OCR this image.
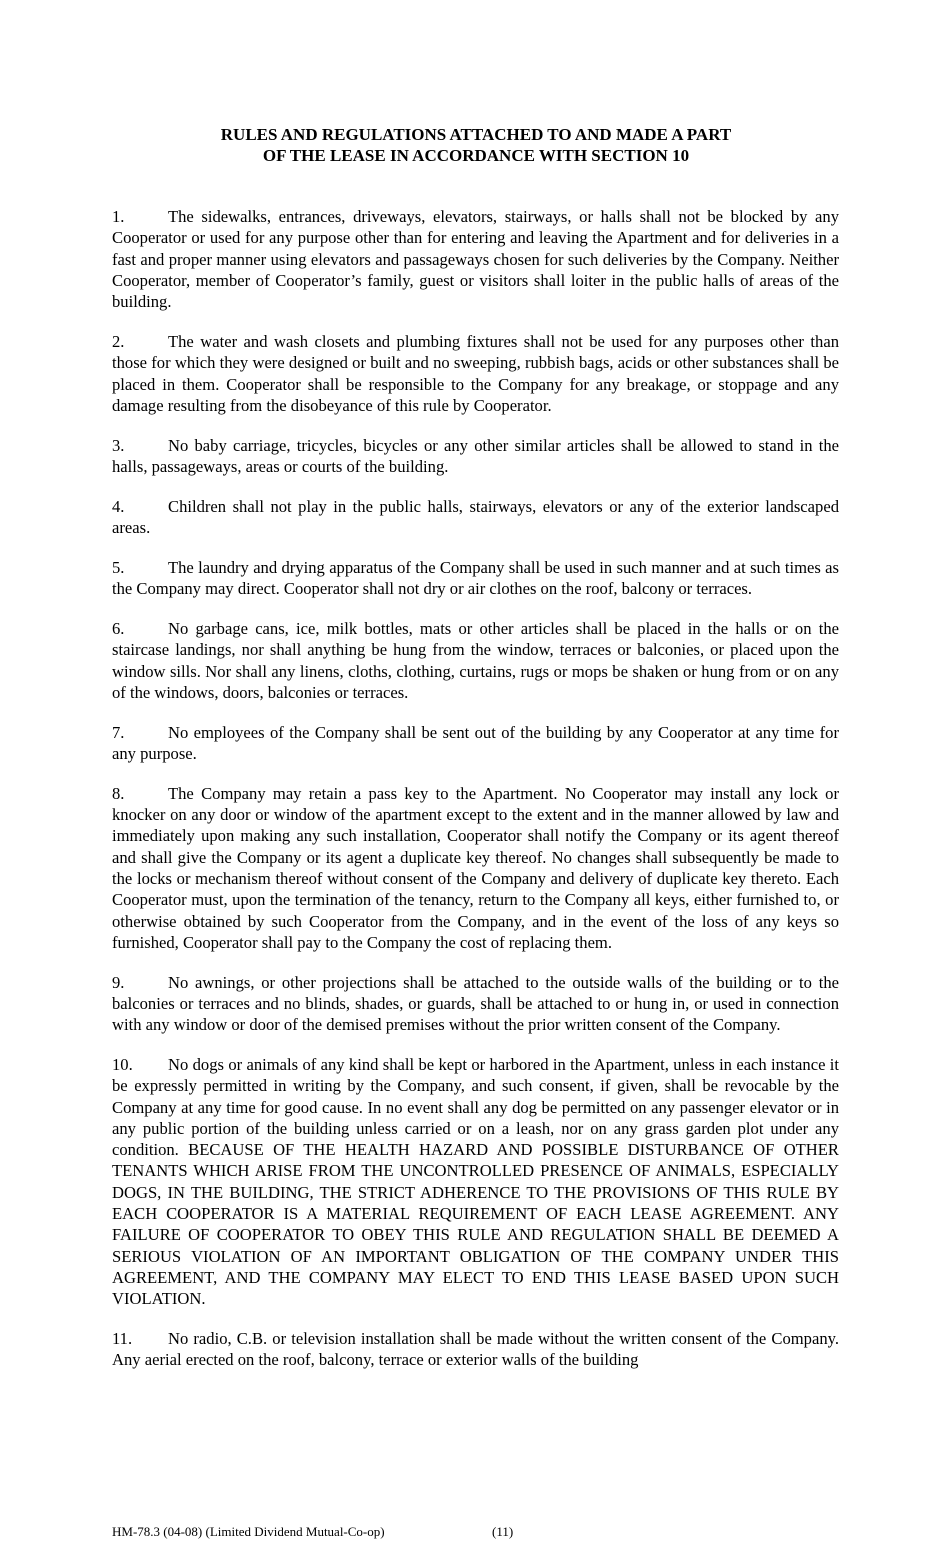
RULES AND REGULATIONS ATTACHED TO AND MADE A PART
OF THE LEASE IN ACCORDANCE WITH SECTION 10

1.	The sidewalks, entrances, driveways, elevators, stairways, or halls shall not be blocked by any Cooperator or used for any purpose other than for entering and leaving the Apartment and for deliveries in a fast and proper manner using elevators and passageways chosen for such deliveries by the Company. Neither Cooperator, member of Cooperator’s family, guest or visitors shall loiter in the public halls of areas of the building.

2.	The water and wash closets and plumbing fixtures shall not be used for any purposes other than those for which they were designed or built and no sweeping, rubbish bags, acids or other substances shall be placed in them. Cooperator shall be responsible to the Company for any breakage, or stoppage and any damage resulting from the disobeyance of this rule by Cooperator.

3.	No baby carriage, tricycles, bicycles or any other similar articles shall be allowed to stand in the halls, passageways, areas or courts of the building.

4.	Children shall not play in the public halls, stairways, elevators or any of the exterior landscaped areas.

5.	The laundry and drying apparatus of the Company shall be used in such manner and at such times as the Company may direct. Cooperator shall not dry or air clothes on the roof, balcony or terraces.

6.	No garbage cans, ice, milk bottles, mats or other articles shall be placed in the halls or on the staircase landings, nor shall anything be hung from the window, terraces or balconies, or placed upon the window sills. Nor shall any linens, cloths, clothing, curtains, rugs or mops be shaken or hung from or on any of the windows, doors, balconies or terraces.

7.	No employees of the Company shall be sent out of the building by any Cooperator at any time for any purpose.

8.	The Company may retain a pass key to the Apartment. No Cooperator may install any lock or knocker on any door or window of the apartment except to the extent and in the manner allowed by law and immediately upon making any such installation, Cooperator shall notify the Company or its agent thereof and shall give the Company or its agent a duplicate key thereof. No changes shall subsequently be made to the locks or mechanism thereof without consent of the Company and delivery of duplicate key thereto. Each Cooperator must, upon the termination of the tenancy, return to the Company all keys, either furnished to, or otherwise obtained by such Cooperator from the Company, and in the event of the loss of any keys so furnished, Cooperator shall pay to the Company the cost of replacing them.

9.	No awnings, or other projections shall be attached to the outside walls of the building or to the balconies or terraces and no blinds, shades, or guards, shall be attached to or hung in, or used in connection with any window or door of the demised premises without the prior written consent of the Company.

10. No dogs or animals of any kind shall be kept or harbored in the Apartment, unless in each instance it be expressly permitted in writing by the Company, and such consent, if given, shall be revocable by the Company at any time for good cause. In no event shall any dog be permitted on any passenger elevator or in any public portion of the building unless carried or on a leash, nor on any grass garden plot under any condition. BECAUSE OF THE HEALTH HAZARD AND POSSIBLE DISTURBANCE OF OTHER TENANTS WHICH ARISE FROM THE UNCONTROLLED PRESENCE OF ANIMALS, ESPECIALLY DOGS, IN THE BUILDING, THE STRICT ADHERENCE TO THE PROVISIONS OF THIS RULE BY EACH COOPERATOR IS A MATERIAL REQUIREMENT OF EACH LEASE AGREEMENT. ANY FAILURE OF COOPERATOR TO OBEY THIS RULE AND REGULATION SHALL BE DEEMED A SERIOUS VIOLATION OF AN IMPORTANT OBLIGATION OF THE COMPANY UNDER THIS AGREEMENT, AND THE COMPANY MAY ELECT TO END THIS LEASE BASED UPON SUCH VIOLATION.

11. No radio, C.B. or television installation shall be made without the written consent of the Company. Any aerial erected on the roof, balcony, terrace or exterior walls of the building

HM-78.3 (04-08) (Limited Dividend Mutual-Co-op)	(11)
